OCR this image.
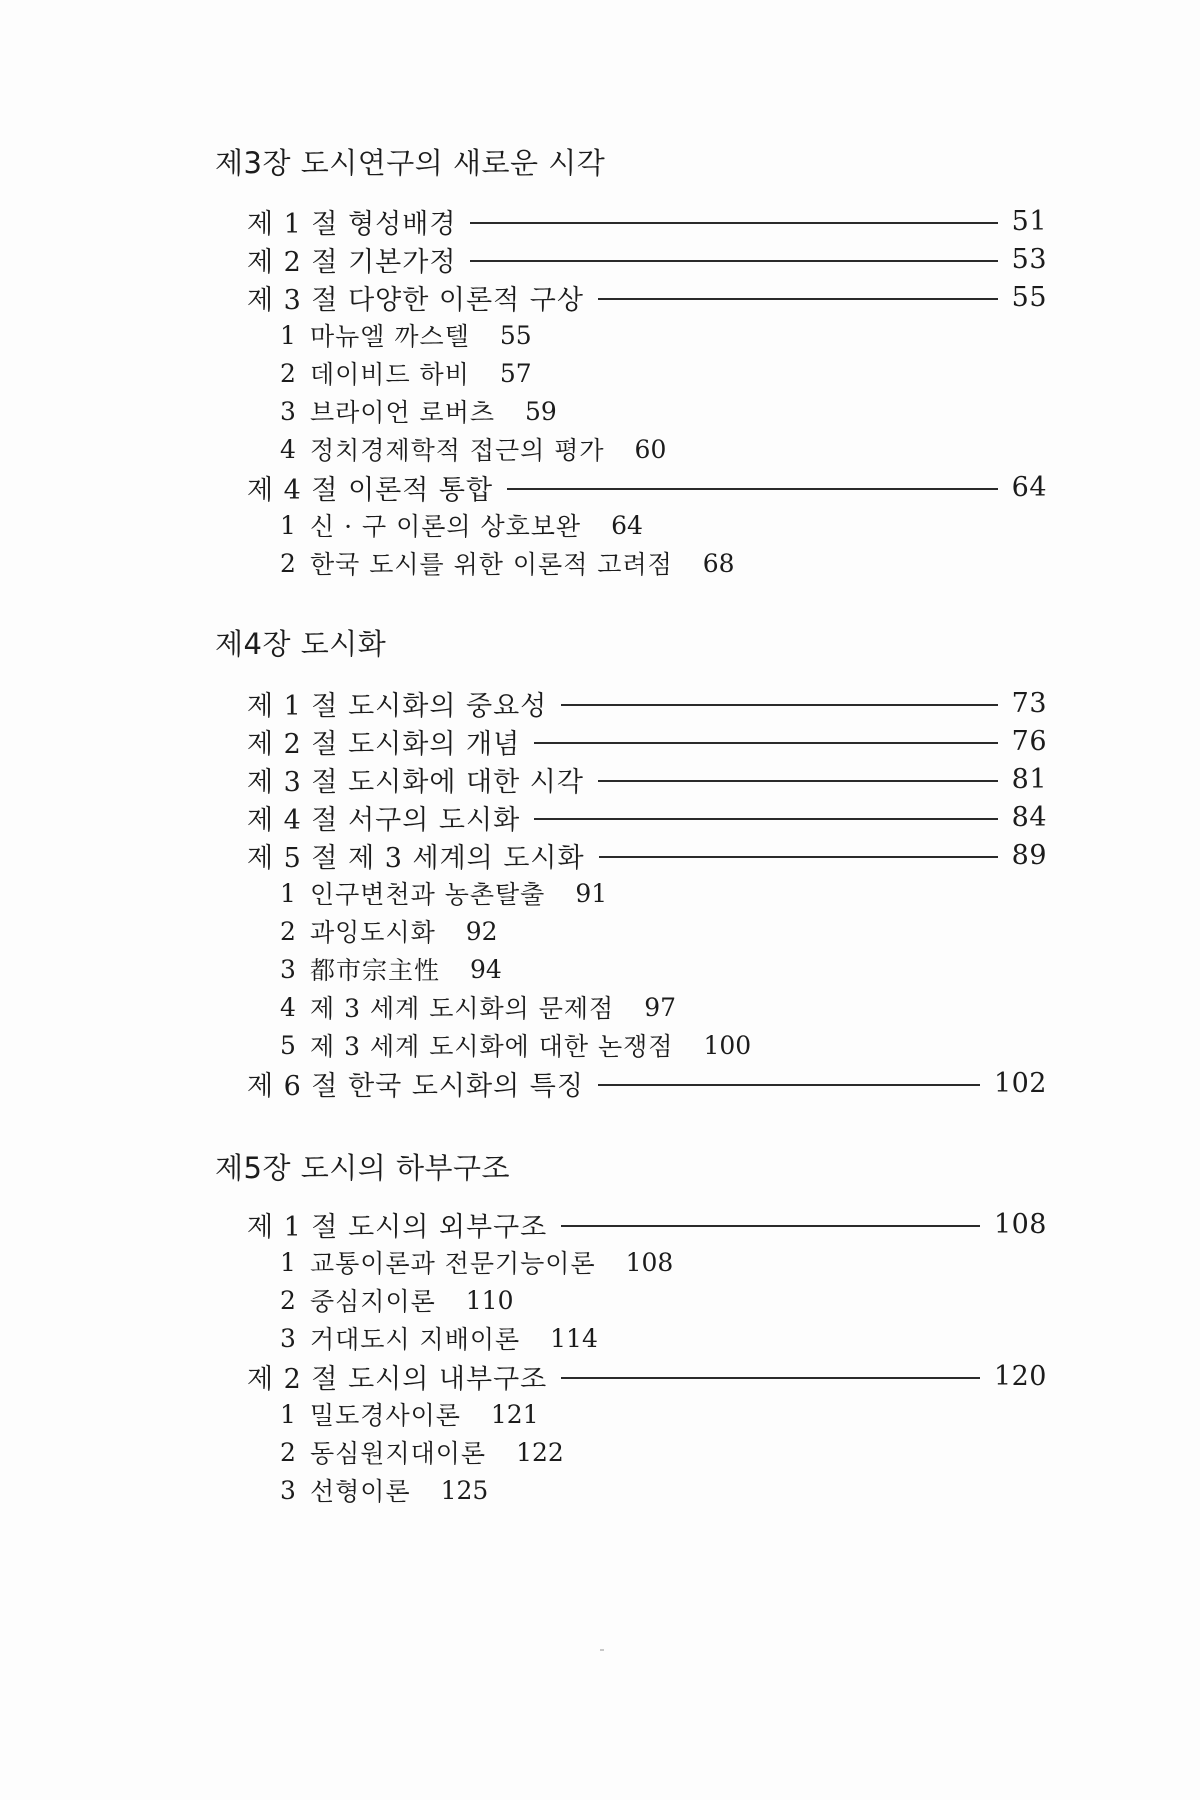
제3장 도시연구의 새로운 시각
제 1 절 형성배경	51
제 2 절 기본가정	53
제 3 절 다양한 이론적 구상	55
1 마뉴엘 까스텔 55
2 데이비드 하비 57
3 브라이언 로버츠 59
4 정치경제학적 접근의 평가 60
제 4 절 이론적 통합	64
1 신 · 구 이론의 상호보완 64
2 한국 도시를 위한 이론적 고려점 68
제4장 도시화
제 1 절 도시화의 중요성	73
제 2 절 도시화의 개념	76
제 3 절 도시화에 대한 시각	81
제 4 절 서구의 도시화	84
제 5 절 제 3 세계의 도시화	89
1 인구변천과 농촌탈출 91
2 과잉도시화 92
3 都市宗主性 94
4 제 3 세계 도시화의 문제점 97
5 제 3 세계 도시화에 대한 논쟁점 100
제 6 절 한국 도시화의 특징	102
제5장 도시의 하부구조
제 1 절 도시의 외부구조	108
1 교통이론과 전문기능이론 108
2 중심지이론 110
3 거대도시 지배이론 114
제 2 절 도시의 내부구조	120
1 밀도경사이론 121
2 동심원지대이론 122
3 선형이론 125
